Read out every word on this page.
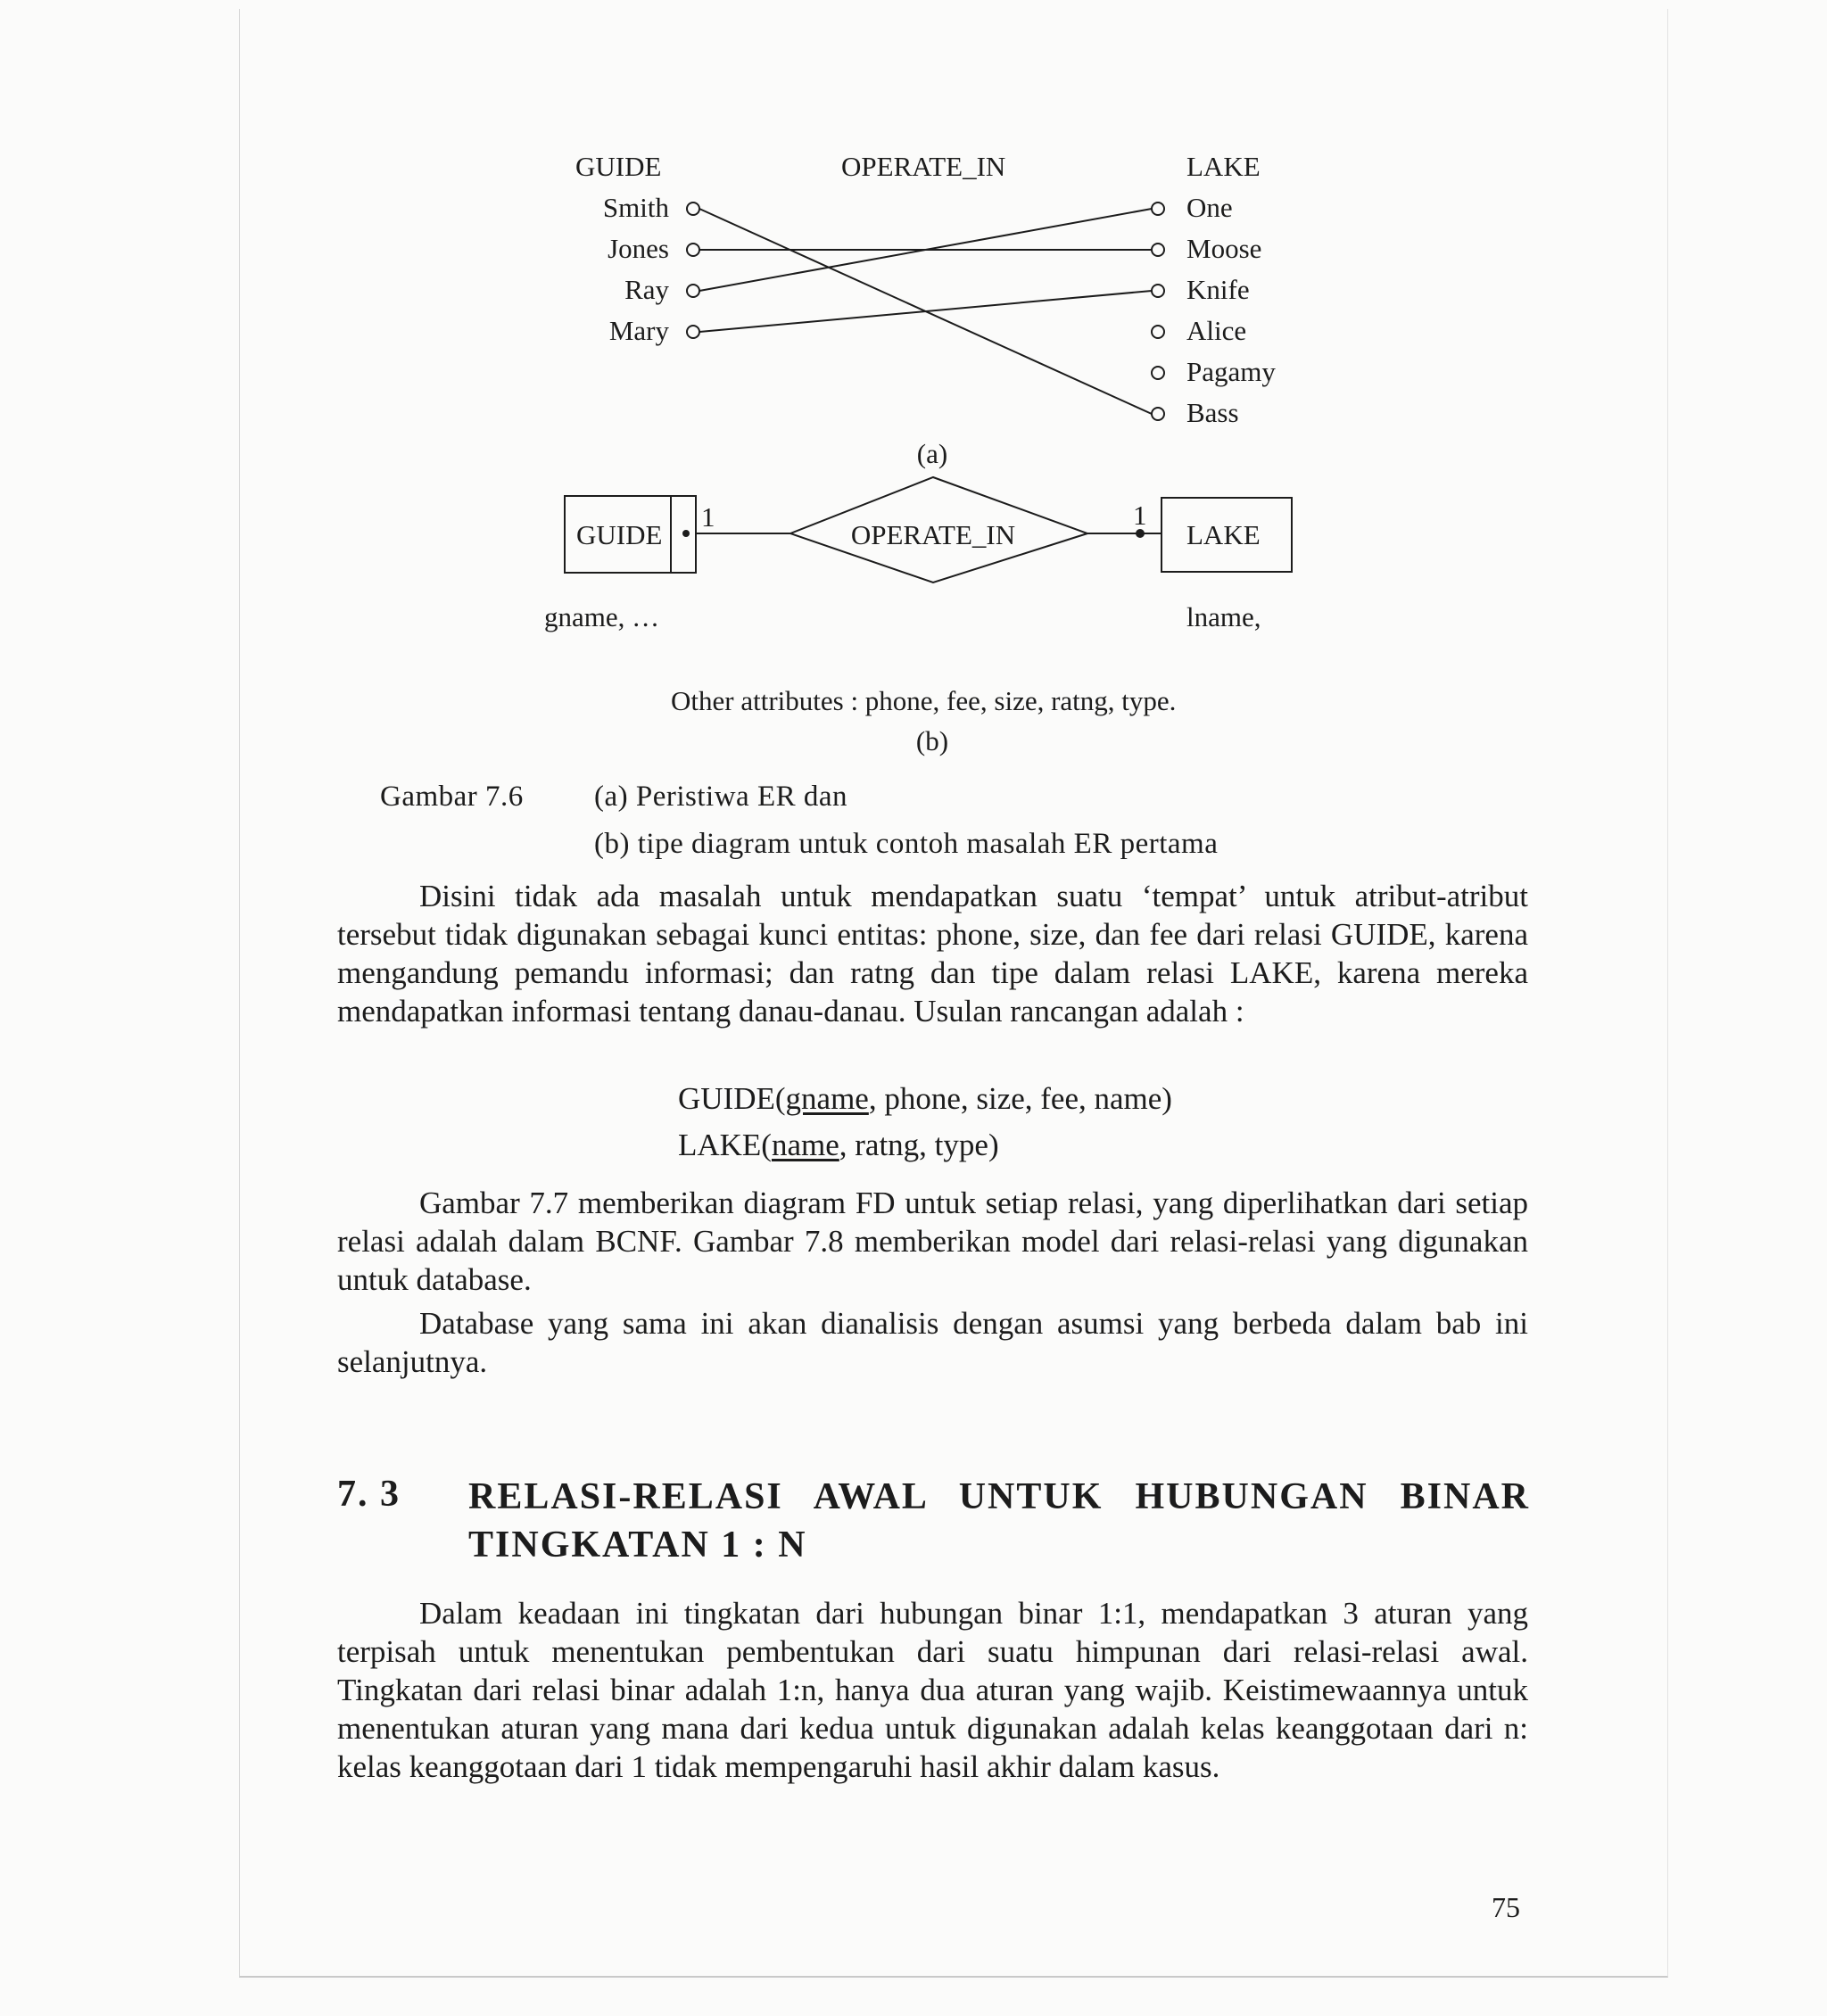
GUIDE	OPERATE_IN	LAKE
Smith
Jones
Ray
Mary
One
Moose
Knife
Alice
Pagamy
Bass
(a)
GUIDE	OPERATE_IN	LAKE
1	1
gname, …	lname,
Other attributes : phone, fee, size, ratng, type.
(b)
Gambar 7.6 (a) Peristiwa ER dan
(b) tipe diagram untuk contoh masalah ER pertama

Disini tidak ada masalah untuk mendapatkan suatu ‘tempat’ untuk atribut-atribut tersebut tidak digunakan sebagai kunci entitas: phone, size, dan fee dari relasi GUIDE, karena mengandung pemandu informasi; dan ratng dan tipe dalam relasi LAKE, karena mereka mendapatkan informasi tentang danau-danau. Usulan rancangan adalah :

GUIDE(gname, phone, size, fee, name)
LAKE(name, ratng, type)

Gambar 7.7 memberikan diagram FD untuk setiap relasi, yang diperlihatkan dari setiap relasi adalah dalam BCNF. Gambar 7.8 memberikan model dari relasi-relasi yang digunakan untuk database.

Database yang sama ini akan dianalisis dengan asumsi yang berbeda dalam bab ini selanjutnya.

7. 3 RELASI-RELASI AWAL UNTUK HUBUNGAN BINAR TINGKATAN 1 : N

Dalam keadaan ini tingkatan dari hubungan binar 1:1, mendapatkan 3 aturan yang terpisah untuk menentukan pembentukan dari suatu himpunan dari relasi-relasi awal. Tingkatan dari relasi binar adalah 1:n, hanya dua aturan yang wajib. Keistimewaannya untuk menentukan aturan yang mana dari kedua untuk digunakan adalah kelas keanggotaan dari n: kelas keanggotaan dari 1 tidak mempengaruhi hasil akhir dalam kasus.

75
